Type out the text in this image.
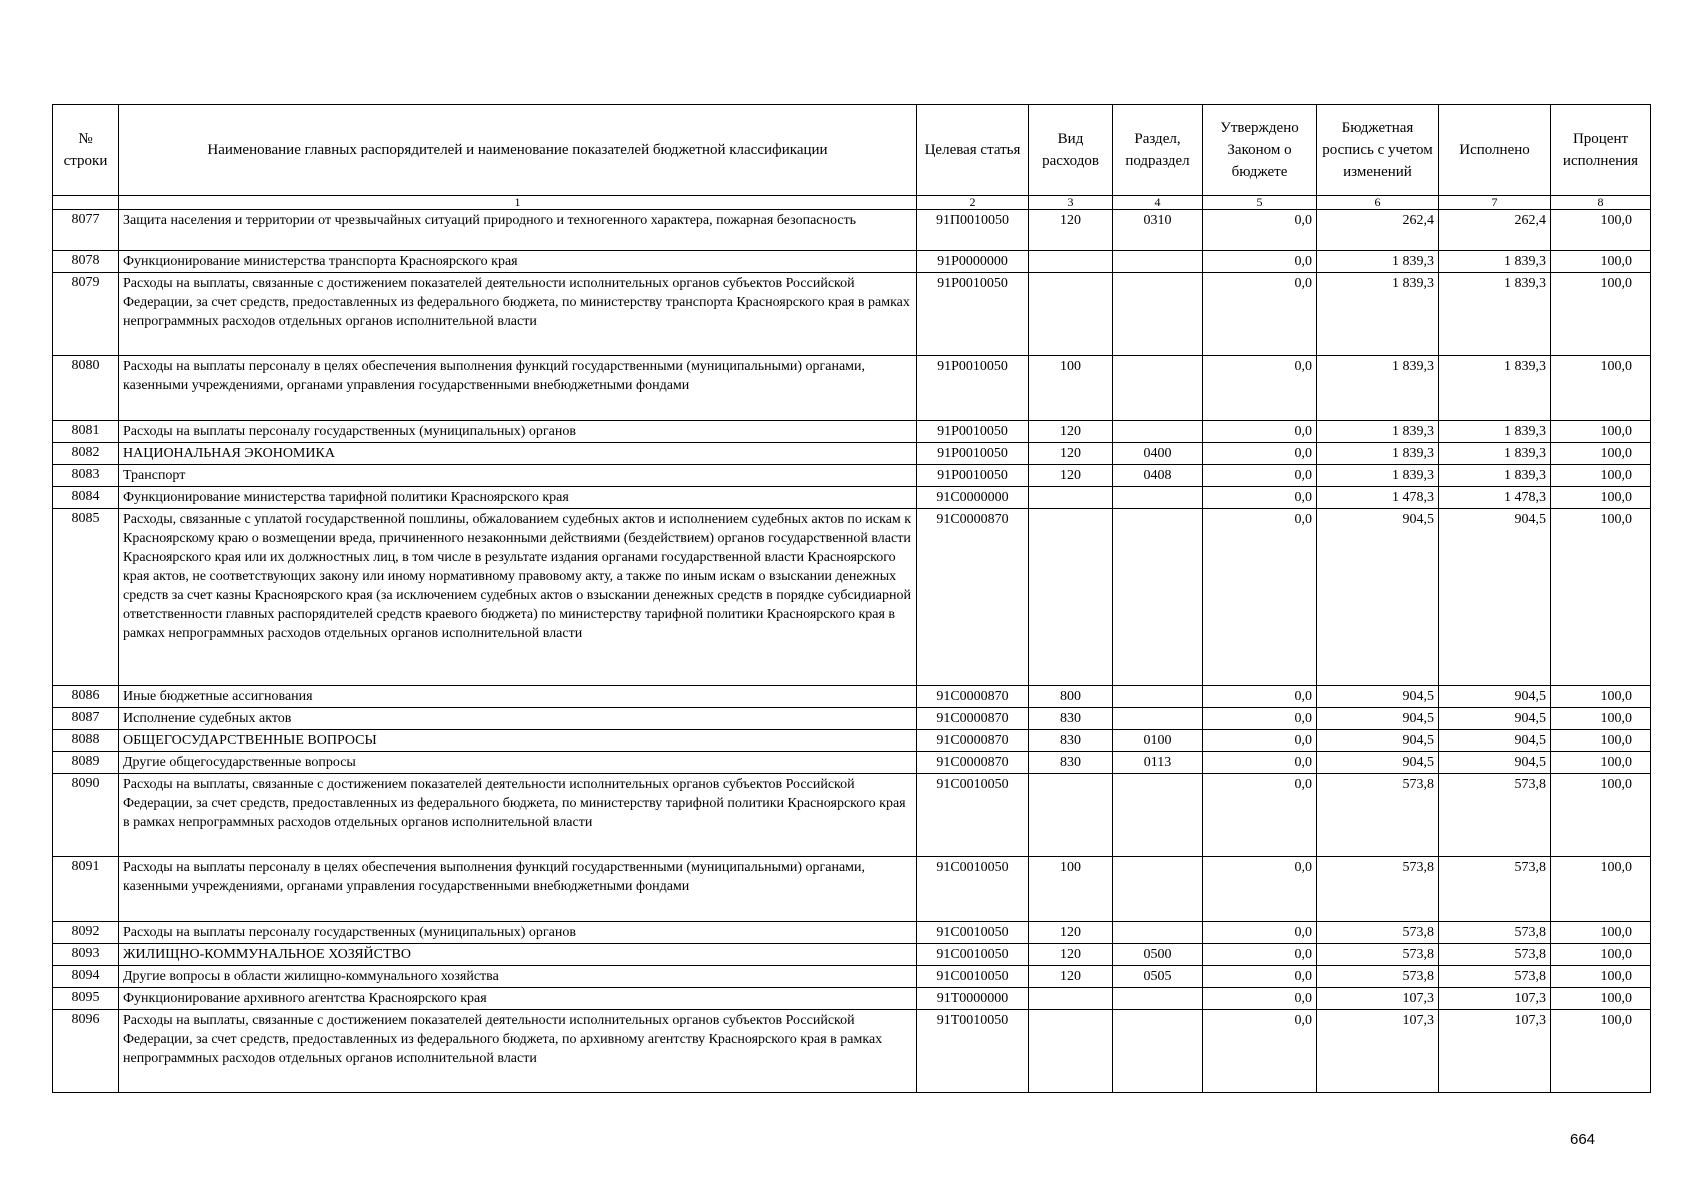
№ строки	Наименование главных распорядителей и наименование показателей бюджетной классификации	Целевая статья	Вид расходов	Раздел, подраздел	Утверждено Законом о бюджете	Бюджетная роспись с учетом изменений	Исполнено	Процент исполнения
	1	2	3	4	5	6	7	8
8077	Защита населения и территории от чрезвычайных ситуаций природного и техногенного характера, пожарная безопасность	91П0010050	120	0310	0,0	262,4	262,4	100,0
8078	Функционирование министерства транспорта Красноярского края	91Р0000000			0,0	1 839,3	1 839,3	100,0
8079	Расходы на выплаты, связанные с достижением показателей деятельности исполнительных органов субъектов Российской Федерации, за счет средств, предоставленных из федерального бюджета, по министерству транспорта Красноярского края в рамках непрограммных расходов отдельных органов исполнительной власти	91Р0010050			0,0	1 839,3	1 839,3	100,0
8080	Расходы на выплаты персоналу в целях обеспечения выполнения функций государственными (муниципальными) органами, казенными учреждениями, органами управления государственными внебюджетными фондами	91Р0010050	100		0,0	1 839,3	1 839,3	100,0
8081	Расходы на выплаты персоналу государственных (муниципальных) органов	91Р0010050	120		0,0	1 839,3	1 839,3	100,0
8082	НАЦИОНАЛЬНАЯ ЭКОНОМИКА	91Р0010050	120	0400	0,0	1 839,3	1 839,3	100,0
8083	Транспорт	91Р0010050	120	0408	0,0	1 839,3	1 839,3	100,0
8084	Функционирование министерства тарифной политики Красноярского края	91С0000000			0,0	1 478,3	1 478,3	100,0
8085	Расходы, связанные с уплатой государственной пошлины, обжалованием судебных актов и исполнением судебных актов по искам к Красноярскому краю о возмещении вреда, причиненного незаконными действиями (бездействием) органов государственной власти Красноярского края или их должностных лиц, в том числе в результате издания органами государственной власти Красноярского края актов, не соответствующих закону или иному нормативному правовому акту, а также по иным искам о взыскании денежных средств за счет казны Красноярского края (за исключением судебных актов о взыскании денежных средств в порядке субсидиарной ответственности главных распорядителей средств краевого бюджета) по министерству тарифной политики Красноярского края в рамках непрограммных расходов отдельных органов исполнительной власти	91С0000870			0,0	904,5	904,5	100,0
8086	Иные бюджетные ассигнования	91С0000870	800		0,0	904,5	904,5	100,0
8087	Исполнение судебных актов	91С0000870	830		0,0	904,5	904,5	100,0
8088	ОБЩЕГОСУДАРСТВЕННЫЕ ВОПРОСЫ	91С0000870	830	0100	0,0	904,5	904,5	100,0
8089	Другие общегосударственные вопросы	91С0000870	830	0113	0,0	904,5	904,5	100,0
8090	Расходы на выплаты, связанные с достижением показателей деятельности исполнительных органов субъектов Российской Федерации, за счет средств, предоставленных из федерального бюджета, по министерству тарифной политики Красноярского края в рамках непрограммных расходов отдельных органов исполнительной власти	91С0010050			0,0	573,8	573,8	100,0
8091	Расходы на выплаты персоналу в целях обеспечения выполнения функций государственными (муниципальными) органами, казенными учреждениями, органами управления государственными внебюджетными фондами	91С0010050	100		0,0	573,8	573,8	100,0
8092	Расходы на выплаты персоналу государственных (муниципальных) органов	91С0010050	120		0,0	573,8	573,8	100,0
8093	ЖИЛИЩНО-КОММУНАЛЬНОЕ ХОЗЯЙСТВО	91С0010050	120	0500	0,0	573,8	573,8	100,0
8094	Другие вопросы в области жилищно-коммунального хозяйства	91С0010050	120	0505	0,0	573,8	573,8	100,0
8095	Функционирование архивного агентства Красноярского края	91Т0000000			0,0	107,3	107,3	100,0
8096	Расходы на выплаты, связанные с достижением показателей деятельности исполнительных органов субъектов Российской Федерации, за счет средств, предоставленных из федерального бюджета, по архивному агентству Красноярского края в рамках непрограммных расходов отдельных органов исполнительной власти	91Т0010050			0,0	107,3	107,3	100,0
664
